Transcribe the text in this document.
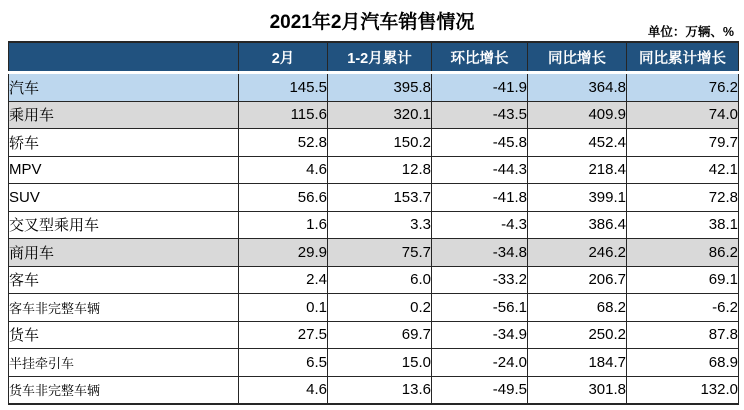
2021年2月汽车销售情况	单位：万辆、%
	2月	1-2月累计	环比增长	同比增长	同比累计增长
汽车	145.5	395.8	-41.9	364.8	76.2
乘用车	115.6	320.1	-43.5	409.9	74.0
轿车	52.8	150.2	-45.8	452.4	79.7
MPV	4.6	12.8	-44.3	218.4	42.1
SUV	56.6	153.7	-41.8	399.1	72.8
交叉型乘用车	1.6	3.3	-4.3	386.4	38.1
商用车	29.9	75.7	-34.8	246.2	86.2
客车	2.4	6.0	-33.2	206.7	69.1
客车非完整车辆	0.1	0.2	-56.1	68.2	-6.2
货车	27.5	69.7	-34.9	250.2	87.8
半挂牵引车	6.5	15.0	-24.0	184.7	68.9
货车非完整车辆	4.6	13.6	-49.5	301.8	132.0
